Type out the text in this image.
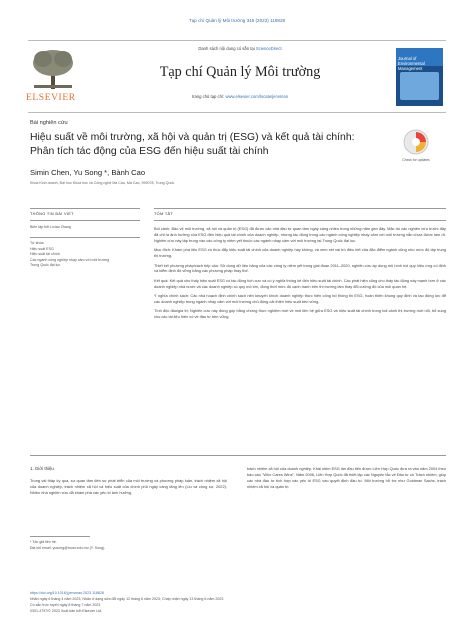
Tạp chí Quản lý Môi trường 345 (2023) 118828
ELSEVIER
Danh sách nội dung có sẵn tại ScienceDirect
Tạp chí Quản lý Môi trường
trang chủ tạp chí: www.elsevier.com/locate/jenvman
Journal of Environmental Management
Bài nghiên cứu
Hiệu suất về môi trường, xã hội và quản trị (ESG) và kết quả tài chính: Phân tích tác động của ESG đến hiệu suất tài chính
Check for updates
Simin Chen, Yu Song *, Bành Cao
Khoa Kinh doanh, Đại học Khoa học và Công nghệ Ma Cao, Ma Cao, 999078, Trung Quốc
THÔNG TIN BÀI VIẾT	TÓM TẮT
Biên tập bởi Lixiao Zhang
Từ khóa:
Hiệu suất ESG
Hiệu suất tài chính
Các ngành công nghiệp nhạy cảm với môi trường
Trung Quốc đại lục

Bối cảnh: Bảo vệ môi trường, xã hội và quản trị (ESG) đã được các nhà đầu tư quan tâm ngày càng nhiều trong những năm gần đây. Mặc dù các nghiên cứu trước đây đã chỉ ra ảnh hưởng của ESG đến hiệu quả tài chính của doanh nghiệp, nhưng tác động trong các ngành công nghiệp nhạy cảm với môi trường vẫn chưa được làm rõ. Nghiên cứu này tập trung vào các công ty niêm yết thuộc các ngành nhạy cảm với môi trường tại Trung Quốc đại lục.

Mục đích: Khám phá liệu ESG có thúc đẩy hiệu suất tài chính của doanh nghiệp hay không, và xem xét vai trò điều tiết của đặc điểm ngành cũng như mức độ tập trung thị trường.

Thiết kế/ phương pháp/cách tiếp cận: Sử dụng dữ liệu bảng của các công ty niêm yết trong giai đoạn 2011–2020, nghiên cứu áp dụng mô hình hồi quy hiệu ứng cố định và kiểm định độ vững bằng các phương pháp thay thế.

Kết quả: Kết quả cho thấy hiệu suất ESG có tác động tích cực và có ý nghĩa thống kê đến hiệu suất tài chính. Các phát hiện cũng cho thấy tác động này mạnh hơn ở các doanh nghiệp nhà nước và các doanh nghiệp có quy mô lớn, đồng thời mức độ cạnh tranh trên thị trường làm thay đổi cường độ của mối quan hệ.

Ý nghĩa chính sách: Các nhà hoạch định chính sách nên khuyến khích doanh nghiệp thực hiện công bố thông tin ESG, hoàn thiện khung quy định và tạo động lực để các doanh nghiệp trong ngành nhạy cảm với môi trường chủ động cải thiện hiệu suất bền vững.

Tính độc đáo/giá trị: Nghiên cứu này đóng góp bằng chứng thực nghiệm mới về mối liên hệ giữa ESG và hiệu suất tài chính trong bối cảnh thị trường mới nổi, bổ sung cho các tài liệu hiện có về đầu tư bền vững.

1. Giới thiệu

Trong vài thập kỷ qua, sự quan tâm đến sự phát triển của môi trường và phương pháp luận, trách nhiệm xã hội của doanh nghiệp, trách nhiệm xã hội và hiệu suất của chính phủ ngày càng tăng lên (Liu và cộng sự, 2022). Nhiều nhà nghiên cứu đã khám phá các yếu tố ảnh hưởng.

trách nhiệm xã hội của doanh nghiệp. Khái niệm ESG lần đầu tiên được Liên Hợp Quốc đưa ra vào năm 2004 theo báo cáo "Who Cares Wins". Năm 2006, Liên Hợp Quốc đã thiết lập các Nguyên tắc về Đầu tư có Trách nhiệm, giúp các nhà đầu tư tích hợp các yếu tố ESG vào quyết định đầu tư. Môi trường hỗ trợ như Goldman Sachs, trách nhiệm xã hội và quản trị.

* Tác giả liên hệ.
Địa chỉ email: yusong@must.edu.mo (Y. Song).
https://doi.org/10.1016/j.jenvman.2023.118828
Nhận ngày 6 tháng 4 năm 2023; Nhận ở dạng sửa đổi ngày 12 tháng 6 năm 2023; Chấp nhận ngày 13 tháng 6 năm 2023
Có sẵn trực tuyến ngày 8 tháng 7 năm 2023
0301-4797/© 2023 Xuất bản bởi Elsevier Ltd.
